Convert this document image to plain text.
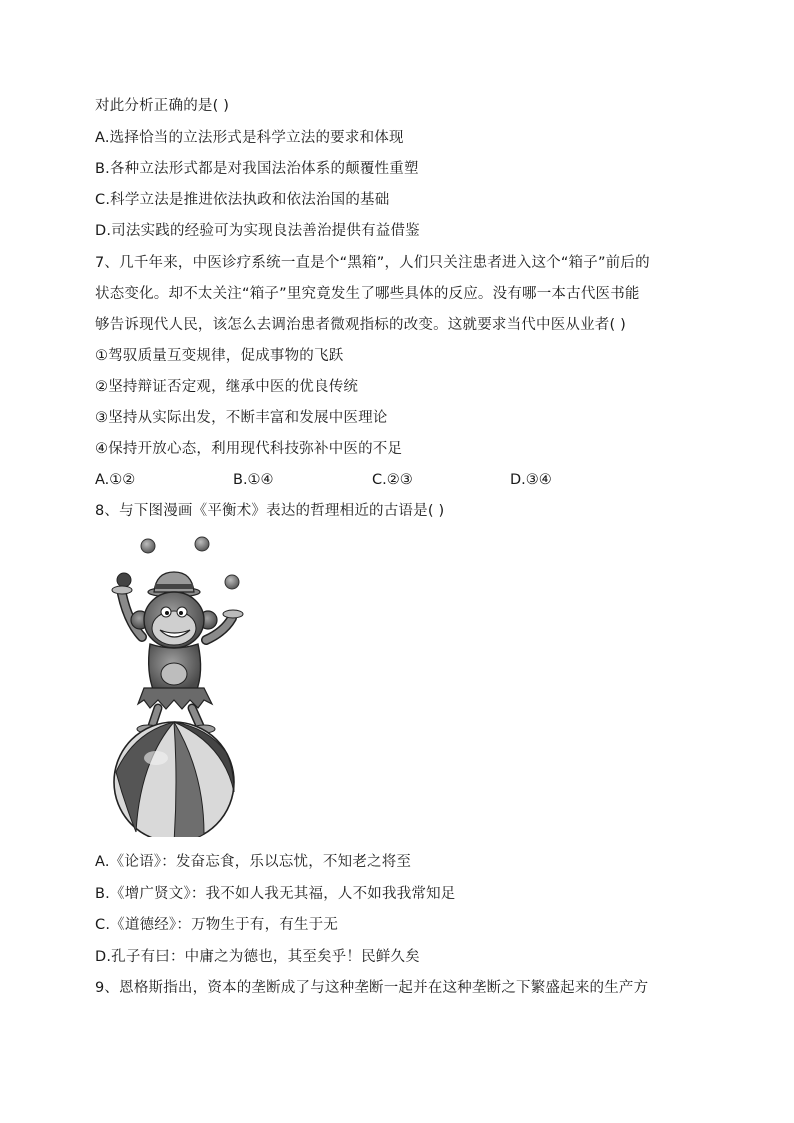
对此分析正确的是( )
A.选择恰当的立法形式是科学立法的要求和体现
B.各种立法形式都是对我国法治体系的颠覆性重塑
C.科学立法是推进依法执政和依法治国的基础
D.司法实践的经验可为实现良法善治提供有益借鉴
7、几千年来，中医诊疗系统一直是个“黑箱”，人们只关注患者进入这个“箱子”前后的
状态变化。却不太关注“箱子”里究竟发生了哪些具体的反应。没有哪一本古代医书能
够告诉现代人民，该怎么去调治患者微观指标的改变。这就要求当代中医从业者( )
①驾驭质量互变规律，促成事物的飞跃
②坚持辩证否定观，继承中医的优良传统
③坚持从实际出发，不断丰富和发展中医理论
④保持开放心态，利用现代科技弥补中医的不足
A.①②	B.①④	C.②③	D.③④
8、与下图漫画《平衡术》表达的哲理相近的古语是( )
A.《论语》：发奋忘食，乐以忘忧，不知老之将至
B.《增广贤文》：我不如人我无其福，人不如我我常知足
C.《道德经》：万物生于有，有生于无
D.孔子有曰：中庸之为德也，其至矣乎！民鲜久矣
9、恩格斯指出，资本的垄断成了与这种垄断一起并在这种垄断之下繁盛起来的生产方
